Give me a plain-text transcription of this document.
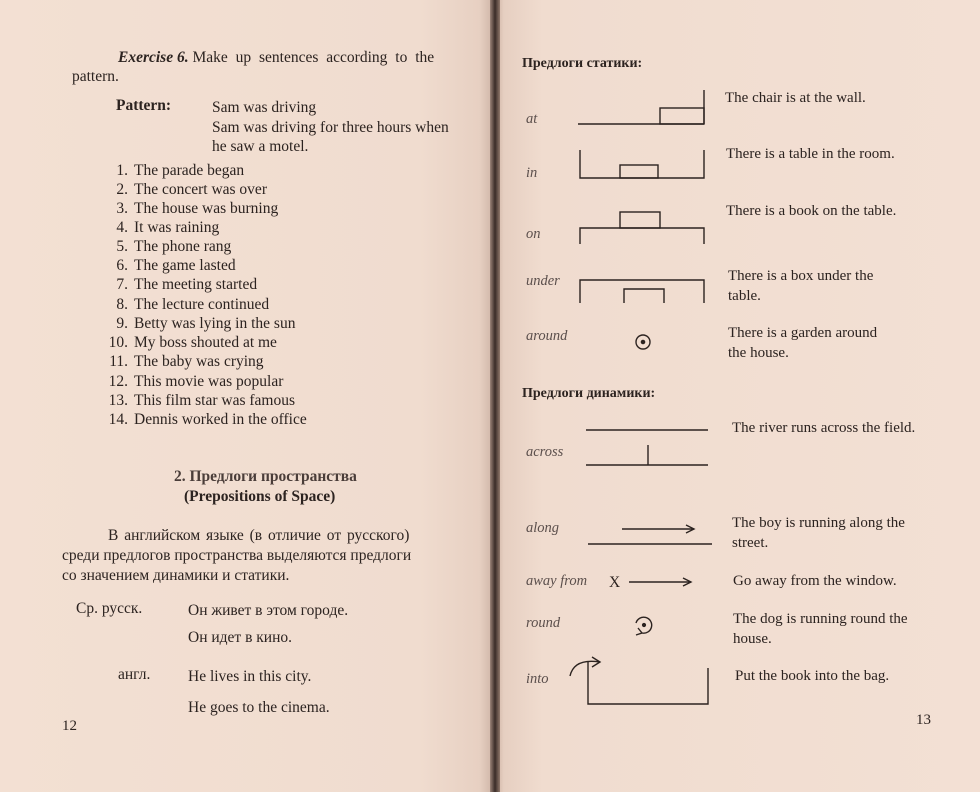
Exercise 6. Make up sentences according to the
pattern.
Pattern:	Sam was driving
Sam was driving for three hours when
he saw a motel.
1. The parade began
2. The concert was over
3. The house was burning
4. It was raining
5. The phone rang
6. The game lasted
7. The meeting started
8. The lecture continued
9. Betty was lying in the sun
10. My boss shouted at me
11. The baby was crying
12. This movie was popular
13. This film star was famous
14. Dennis worked in the office
2. Предлоги пространства
(Prepositions of Space)
В английском языке (в отличие от русского)
среди предлогов пространства выделяются предлоги
со значением динамики и статики.
Ср. русск.	Он живет в этом городе.
Он идет в кино.
англ. He lives in this city.
He goes to the cinema.
12
Предлоги статики:
at
The chair is at the wall.
in
There is a table in the room.
on
There is a book on the table.
under	There is a box under the
table.
around	There is a garden around
the house.
Предлоги динамики:
across
The river runs across the field.
along	The boy is running along the
street.
away from X	Go away from the window.
round	The dog is running round the
house.
into	Put the book into the bag.
13
